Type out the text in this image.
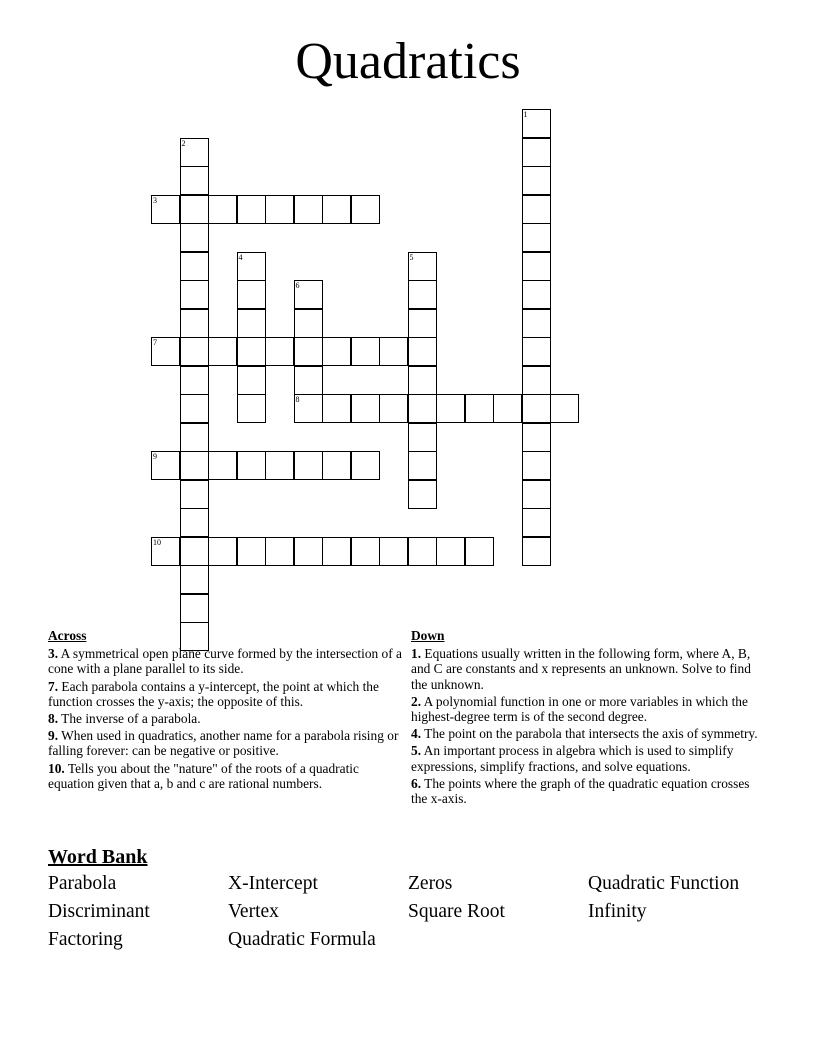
Quadratics
1
2
3
4	5
6
8
7
9
10
Across
3. A symmetrical open plane curve formed by the intersection of a cone with a plane parallel to its side.
7. Each parabola contains a y-intercept, the point at which the function crosses the y-axis; the opposite of this.
8. The inverse of a parabola.
9. When used in quadratics, another name for a parabola rising or falling forever: can be negative or positive.
10. Tells you about the "nature" of the roots of a quadratic equation given that a, b and c are rational numbers.
Down
1. Equations usually written in the following form, where A, B, and C are constants and x represents an unknown. Solve to find the unknown.
2. A polynomial function in one or more variables in which the highest-degree term is of the second degree.
4. The point on the parabola that intersects the axis of symmetry.
5. An important process in algebra which is used to simplify expressions, simplify fractions, and solve equations.
6. The points where the graph of the quadratic equation crosses the x-axis.
Word Bank
Parabola	X-Intercept	Zeros	Quadratic Function
Discriminant	Vertex	Square Root	Infinity
Factoring	Quadratic Formula
